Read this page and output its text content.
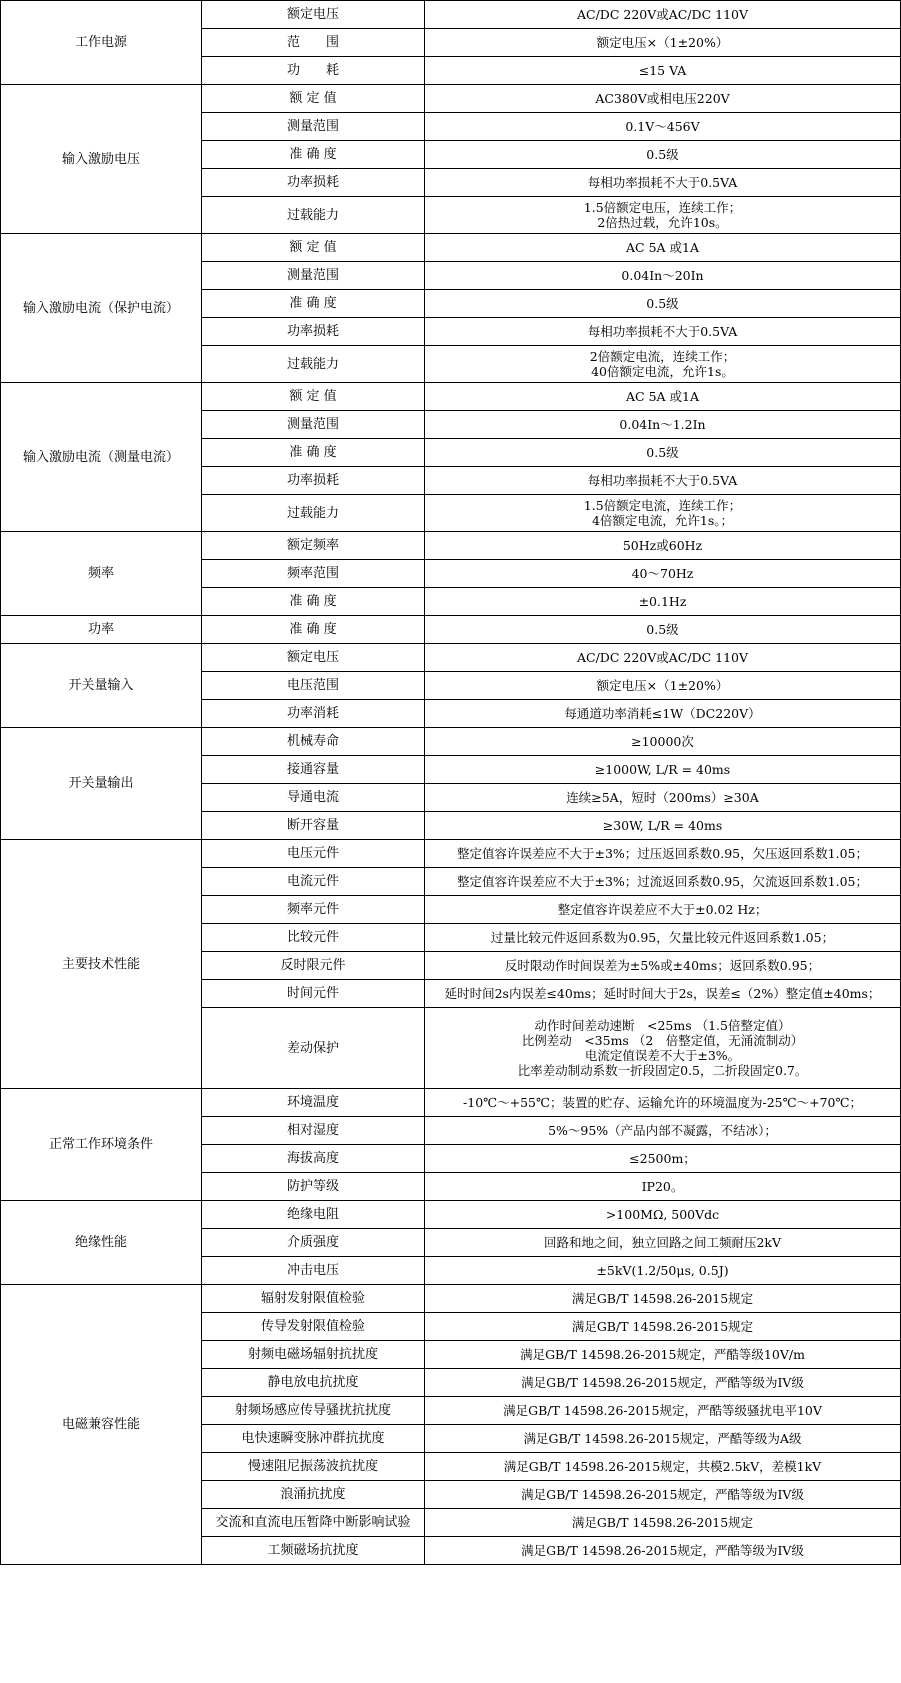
工作电源	额定电压	AC/DC 220V或AC/DC 110V

	范　　围	额定电压×（1±20%）

	功　　耗	≤15 VA

输入激励电压	额 定 值	AC380V或相电压220V

	测量范围	0.1V～456V

	准 确 度	0.5级

	功率损耗	每相功率损耗不大于0.5VA

	过载能力	1.5倍额定电压，连续工作；
2倍热过载，允许10s。

输入激励电流（保护电流）	额 定 值	AC 5A 或1A

	测量范围	0.04In～20In

	准 确 度	0.5级

	功率损耗	每相功率损耗不大于0.5VA

	过载能力	2倍额定电流，连续工作；
40倍额定电流，允许1s。

输入激励电流（测量电流）	额 定 值	AC 5A 或1A

	测量范围	0.04In～1.2In

	准 确 度	0.5级

	功率损耗	每相功率损耗不大于0.5VA

	过载能力	1.5倍额定电流，连续工作；
4倍额定电流，允许1s。；

频率	额定频率	50Hz或60Hz

	频率范围	40～70Hz

	准 确 度	±0.1Hz

功率	准 确 度	0.5级

开关量输入	额定电压	AC/DC 220V或AC/DC 110V

	电压范围	额定电压×（1±20%）

	功率消耗	每通道功率消耗≤1W（DC220V）

开关量输出	机械寿命	≥10000次

	接通容量	≥1000W, L/R = 40ms

	导通电流	连续≥5A，短时（200ms）≥30A

	断开容量	≥30W, L/R = 40ms

主要技术性能	电压元件	整定值容许误差应不大于±3%；过压返回系数0.95，欠压返回系数1.05；

	电流元件	整定值容许误差应不大于±3%；过流返回系数0.95，欠流返回系数1.05；

	频率元件	整定值容许误差应不大于±0.02 Hz；

	比较元件	过量比较元件返回系数为0.95，欠量比较元件返回系数1.05；

	反时限元件	反时限动作时间误差为±5%或±40ms；返回系数0.95；

	时间元件	延时时间2s内误差≤40ms；延时时间大于2s，误差≤（2%）整定值±40ms；

	差动保护	动作时间差动速断　<25ms （1.5倍整定值）
比例差动　<35ms （2　倍整定值，无涌流制动）
电流定值误差不大于±3%。
比率差动制动系数一折段固定0.5，二折段固定0.7。

正常工作环境条件	环境温度	-10℃～+55℃；装置的贮存、运输允许的环境温度为-25℃～+70℃；

	相对湿度	5%～95%（产品内部不凝露，不结冰）；

	海拔高度	≤2500m；

	防护等级	IP20。

绝缘性能	绝缘电阻	>100MΩ, 500Vdc

	介质强度	回路和地之间，独立回路之间工频耐压2kV

	冲击电压	±5kV(1.2/50μs, 0.5J)

电磁兼容性能	辐射发射限值检验	满足GB/T 14598.26-2015规定

	传导发射限值检验	满足GB/T 14598.26-2015规定

	射频电磁场辐射抗扰度	满足GB/T 14598.26-2015规定，严酷等级10V/m

	静电放电抗扰度	满足GB/T 14598.26-2015规定，严酷等级为IV级

	射频场感应传导骚扰抗扰度	满足GB/T 14598.26-2015规定，严酷等级骚扰电平10V

	电快速瞬变脉冲群抗扰度	满足GB/T 14598.26-2015规定，严酷等级为A级

	慢速阻尼振荡波抗扰度	满足GB/T 14598.26-2015规定，共模2.5kV，差模1kV

	浪涌抗扰度	满足GB/T 14598.26-2015规定，严酷等级为IV级

	交流和直流电压暂降中断影响试验	满足GB/T 14598.26-2015规定

	工频磁场抗扰度	满足GB/T 14598.26-2015规定，严酷等级为IV级
